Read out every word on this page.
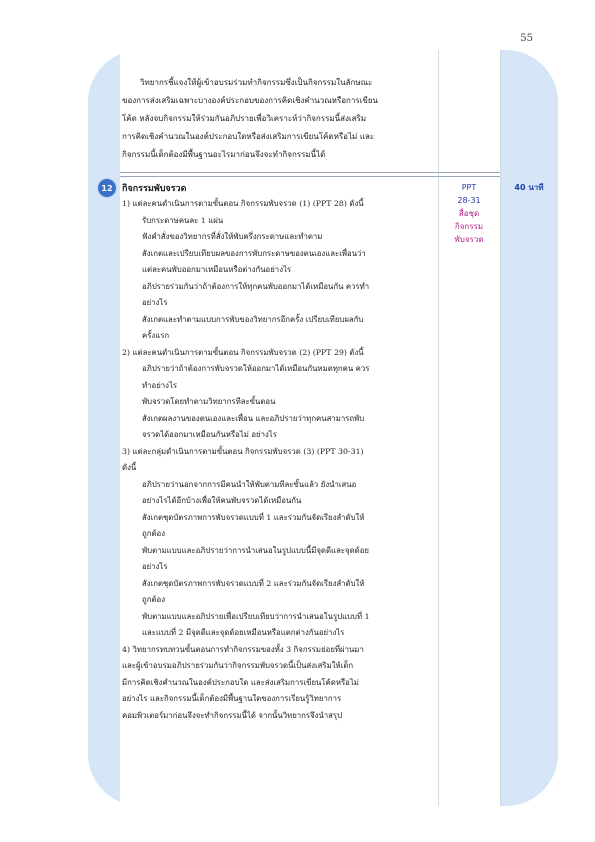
55

วิทยากรชี้แจงให้ผู้เข้าอบรมร่วมทำกิจกรรมซึ่งเป็นกิจกรรมในลักษณะ

ของการส่งเสริมเฉพาะบางองค์ประกอบของการคิดเชิงคำนวณหรือการเขียน

โค้ด หลังจบกิจกรรมให้ร่วมกันอภิปรายเพื่อวิเคราะห์ว่ากิจกรรมนี้ส่งเสริม

การคิดเชิงคำนวณในองค์ประกอบใดหรือส่งเสริมการเขียนโค้ดหรือไม่ และ

กิจกรรมนี้เด็กต้องมีพื้นฐานอะไรมาก่อนจึงจะทำกิจกรรมนี้ได้

12	กิจกรรมพับจรวด	PPT
28-31
สื่อชุด
กิจกรรม
พับจรวด
40 นาที
1) แต่ละคนดำเนินการตามขั้นตอน กิจกรรมพับจรวด (1) (PPT 28) ดังนี้
รับกระดาษคนละ 1 แผ่น
ฟังคำสั่งของวิทยากรที่สั่งให้พับครึ่งกระดาษและทำตาม
สังเกตและเปรียบเทียบผลของการพับกระดาษของตนเองและเพื่อนว่า
แต่ละคนพับออกมาเหมือนหรือต่างกันอย่างไร
อภิปรายร่วมกันว่าถ้าต้องการให้ทุกคนพับออกมาได้เหมือนกัน ควรทำ
อย่างไร
สังเกตและทำตามแบบการพับของวิทยากรอีกครั้ง เปรียบเทียบผลกับ
ครั้งแรก
2) แต่ละคนดำเนินการตามขั้นตอน กิจกรรมพับจรวด (2) (PPT 29) ดังนี้
อภิปรายว่าถ้าต้องการพับจรวดให้ออกมาได้เหมือนกันหมดทุกคน ควร
ทำอย่างไร
พับจรวดโดยทำตามวิทยากรทีละขั้นตอน
สังเกตผลงานของตนเองและเพื่อน และอภิปรายว่าทุกคนสามารถพับ
จรวดได้ออกมาเหมือนกันหรือไม่ อย่างไร
3) แต่ละกลุ่มดำเนินการตามขั้นตอน กิจกรรมพับจรวด (3) (PPT 30-31)
ดังนี้
อภิปรายว่านอกจากการมีคนนำให้พับตามทีละขั้นแล้ว ยังนำเสนอ
อย่างไรได้อีกบ้างเพื่อให้คนพับจรวดได้เหมือนกัน
สังเกตชุดบัตรภาพการพับจรวดแบบที่ 1 และร่วมกันจัดเรียงลำดับให้
ถูกต้อง
พับตามแบบและอภิปรายว่าการนำเสนอในรูปแบบนี้มีจุดดีและจุดด้อย
อย่างไร
สังเกตชุดบัตรภาพการพับจรวดแบบที่ 2 และร่วมกันจัดเรียงลำดับให้
ถูกต้อง
พับตามแบบและอภิปรายเพื่อเปรียบเทียบว่าการนำเสนอในรูปแบบที่ 1
และแบบที่ 2 มีจุดดีและจุดด้อยเหมือนหรือแตกต่างกันอย่างไร
4) วิทยากรทบทวนขั้นตอนการทำกิจกรรมของทั้ง 3 กิจกรรมย่อยที่ผ่านมา
และผู้เข้าอบรมอภิปรายร่วมกันว่ากิจกรรมพับจรวดนี้เป็นส่งเสริมให้เด็ก
มีการคิดเชิงคำนวณในองค์ประกอบใด และส่งเสริมการเขียนโค้ดหรือไม่
อย่างไร และกิจกรรมนี้เด็กต้องมีพื้นฐานใดของการเรียนรู้วิทยาการ
คอมพิวเตอร์มาก่อนจึงจะทำกิจกรรมนี้ได้ จากนั้นวิทยากรจึงนำสรุป
